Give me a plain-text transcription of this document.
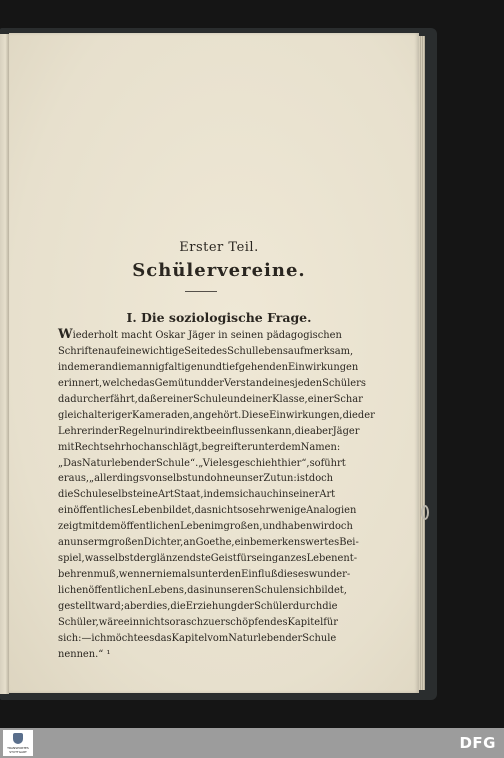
Erster Teil.
Schülervereine.
I. Die soziologische Frage.
Wiederholt macht Oskar Jäger in seinen pädagogischen
Schriften auf eine wichtige Seite des Schullebens aufmerksam,
indem er an die mannigfaltigen und tiefgehenden Einwirkungen
erinnert, welche das Gemüt und der Verstand eines jeden Schülers
dadurch erfährt, daß er einer Schule und einer Klasse, einer Schar
gleichalteriger Kameraden, angehört. Diese Einwirkungen, die der
Lehrer in der Regel nur indirekt beeinflussen kann, die aber Jäger
mit Recht sehr hoch anschlägt, begreift er unter dem Namen:
„Das Naturleben der Schule“. „Vieles geschieht hier“, so führt
er aus, „allerdings von selbst und ohne unser Zutun: ist doch
die Schule selbst eine Art Staat, in dem sich auch in seiner Art
ein öffentliches Leben bildet, das nicht so sehr wenige Analogien
zeigt mit dem öffentlichen Leben im großen, und haben wir doch
an unserm großen Dichter, an Goethe, ein bemerkenswertes Bei-
spiel, was selbst der glänzendste Geist für sein ganzes Leben ent-
behren muß, wenn er niemals unter den Einfluß dieses wunder-
lichen öffentlichen Lebens, das in unseren Schulen sich bildet,
gestellt ward; aber dies, die Erziehung der Schüler durch die
Schüler, wäre ein nicht so rasch zu erschöpfendes Kapitel für
sich: — ich möchte es das Kapitel vom Naturleben der Schule
nennen.“ ¹
TRANSPORTES
STUTTGART	DFG
